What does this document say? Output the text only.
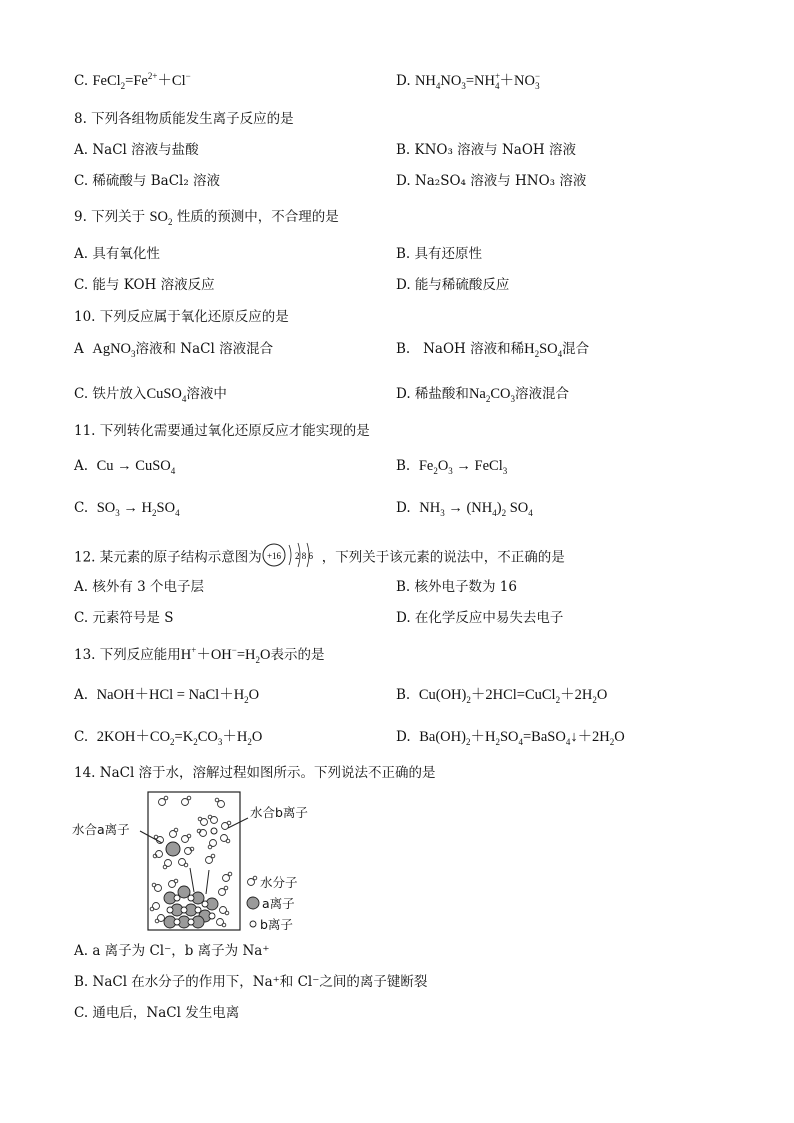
C. $FeCl_2=Fe^{2+}+Cl^-$	D. $NH_4NO_3=NH^+_4+NO^-_3$
8. 下列各组物质能发生离子反应的是
A. NaCl 溶液与盐酸	B. KNO₃ 溶液与 NaOH 溶液
C. 稀硫酸与 BaCl₂ 溶液	D. Na₂SO₄ 溶液与 HNO₃ 溶液
9. 下列关于 $SO_2$ 性质的预测中，不合理的是
A. 具有氧化性	B. 具有还原性
C. 能与 KOH 溶液反应	D. 能与稀硫酸反应
10. 下列反应属于氧化还原反应的是
A AgNO$_3$溶液和 NaCl 溶液混合	B. NaOH 溶液和稀$H_2SO_4$混合
C. 铁片放入CuSO$_4$溶液中	D. 稀盐酸和$Na_2CO_3$溶液混合
11. 下列转化需要通过氧化还原反应才能实现的是
A. Cu → CuSO$_4$	B. $Fe_2O_3$ → FeCl$_3$
C. $SO_3 \to H_2SO_4$	D. $NH_3 \to (NH_4)_2$ $SO_4$
12. 某元素的原子结构示意图为 +16 2 8 6 ，下列关于该元素的说法中，不正确的是
A. 核外有 3 个电子层	B. 核外电子数为 16
C. 元素符号是 S	D. 在化学反应中易失去电子
13. 下列反应能用$H^++OH^-=H_2O$表示的是
A. NaOH＋HCl = $NaCl+H_2O$	B. $Cu(OH)_2+2HCl=CuCl_2+2H_2O$
C. $2KOH+CO_2=K_2CO_3+H_2O$	D. $Ba(OH)_2+H_2SO_4=BaSO_4↓+2H_2O$
14. NaCl 溶于水，溶解过程如图所示。下列说法不正确的是
水合a离子
水合b离子
水分子
a离子
b离子
A. a 离子为 Cl⁻，b 离子为 Na⁺
B. NaCl 在水分子的作用下，Na⁺和 Cl⁻之间的离子键断裂
C. 通电后，NaCl 发生电离
